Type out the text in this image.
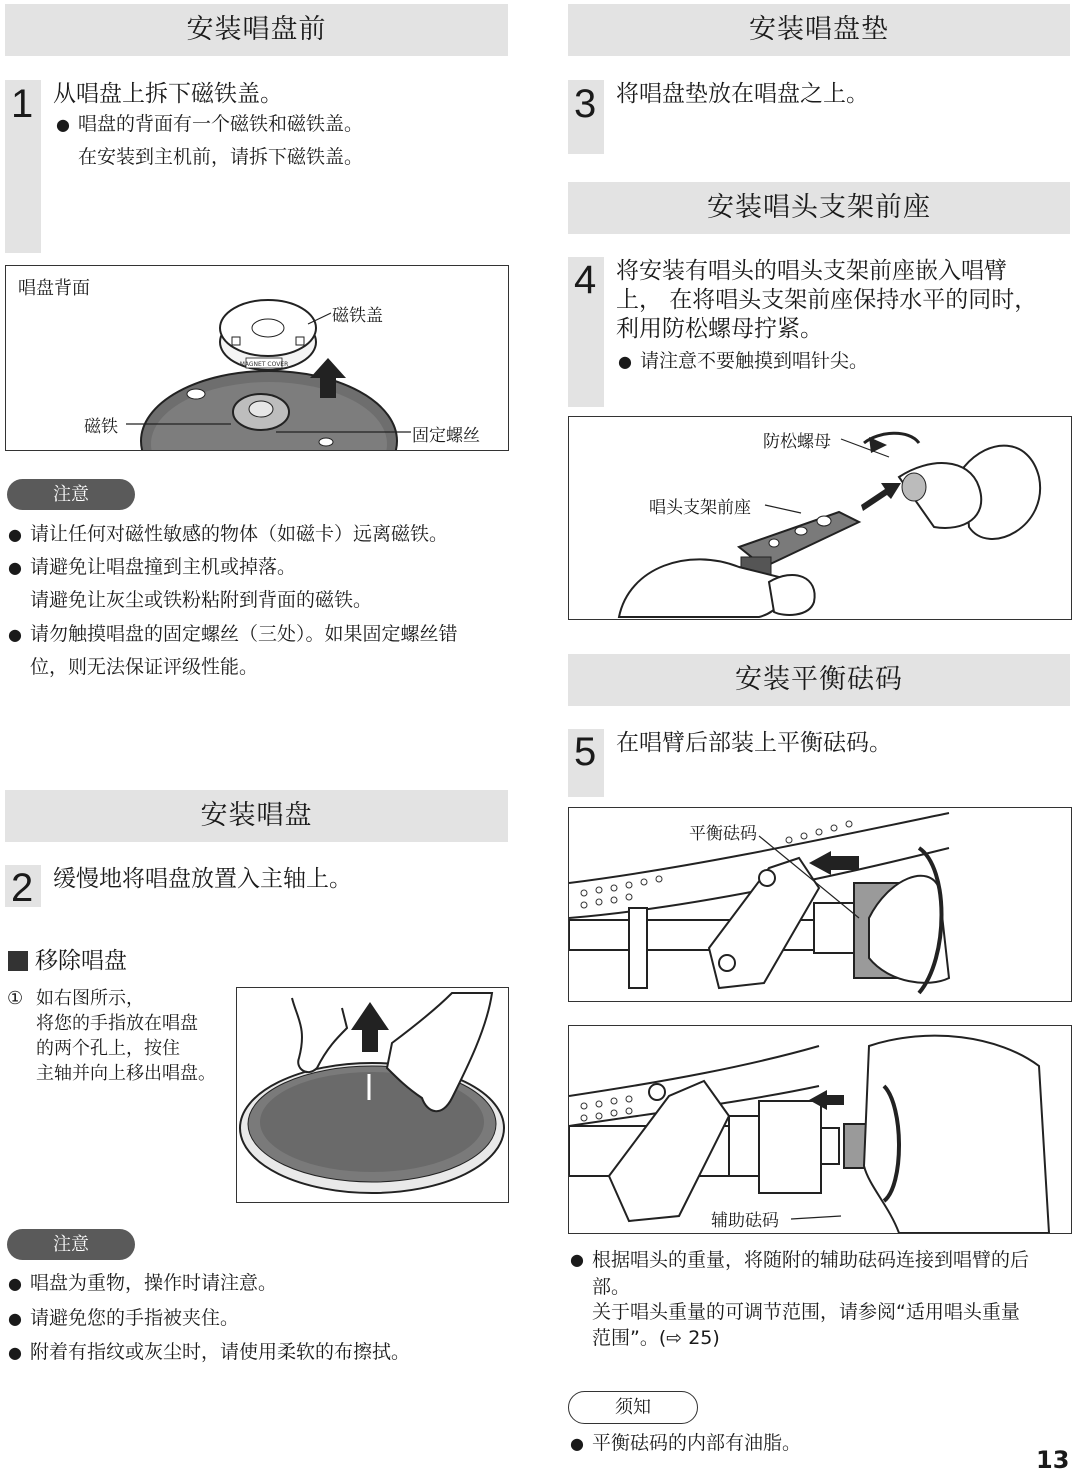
安装唱盘前
1 从唱盘上拆下磁铁盖。
● 唱盘的背面有一个磁铁和磁铁盖。
在安装到主机前，请拆下磁铁盖。
唱盘背面
MAGNET COVER
磁铁盖
磁铁	固定螺丝
注意
● 请让任何对磁性敏感的物体（如磁卡）远离磁铁。
● 请避免让唱盘撞到主机或掉落。
请避免让灰尘或铁粉粘附到背面的磁铁。
● 请勿触摸唱盘的固定螺丝（三处）。如果固定螺丝错
位，则无法保证评级性能。
安装唱盘
2 缓慢地将唱盘放置入主轴上。
移除唱盘
① 如右图所示，
将您的手指放在唱盘
的两个孔上，按住
主轴并向上移出唱盘。
注意
● 唱盘为重物，操作时请注意。
● 请避免您的手指被夹住。
● 附着有指纹或灰尘时，请使用柔软的布擦拭。
安装唱盘垫
3 将唱盘垫放在唱盘之上。
安装唱头支架前座
4 将安装有唱头的唱头支架前座嵌入唱臂
上， 在将唱头支架前座保持水平的同时，
利用防松螺母拧紧。
● 请注意不要触摸到唱针尖。
防松螺母
唱头支架前座
安装平衡砝码
5 在唱臂后部装上平衡砝码。
平衡砝码
辅助砝码
● 根据唱头的重量，将随附的辅助砝码连接到唱臂的后
部。
关于唱头重量的可调节范围，请参阅“适用唱头重量
范围”。(⇨ 25)
须知
● 平衡砝码的内部有油脂。
13
